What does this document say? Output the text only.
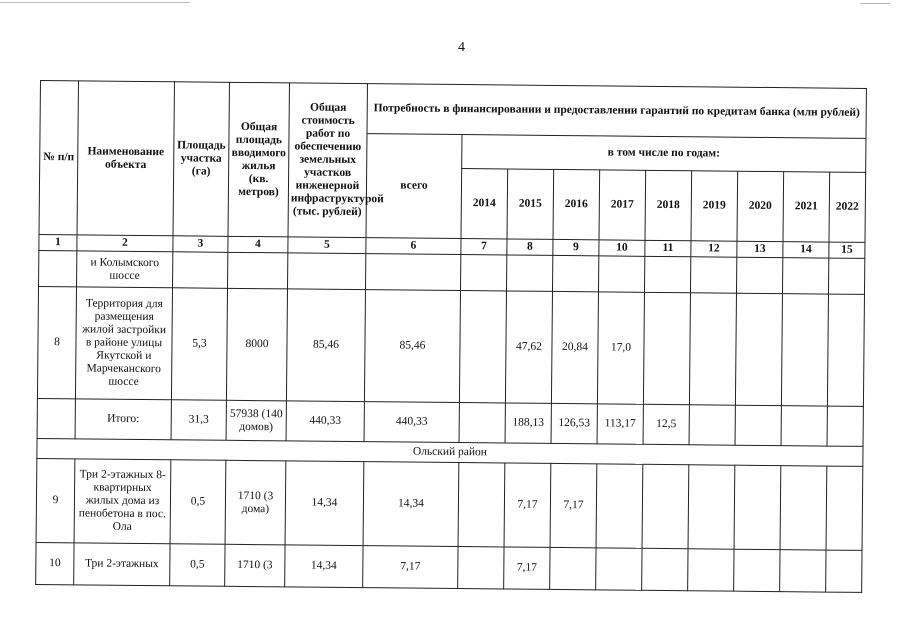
4
№ п/п	Наименование объекта	Площадь участка (га)	Общая площадь вводимого жилья (кв. метров)	Общая стоимость работ по обеспечению земельных участков инженерной инфраструктурой (тыс. рублей)	Потребность в финансировании и предоставлении гарантий по кредитам банка (млн рублей)									
					всего	в том числе по годам:								
						2014	2015	2016	2017	2018	2019	2020	2021	2022
1	2	3	4	5	6	7	8	9	10	11	12	13	14	15
	и Колымского шоссе													
8	Территория для размещения жилой застройки в районе улицы Якутской и Марчеканского шоссе	5,3	8000	85,46	85,46		47,62	20,84	17,0					
	Итого:	31,3	57938 (140 домов)	440,33	440,33		188,13	126,53	113,17	12,5				
Ольский район														
9	Три 2-этажных 8-квартирных жилых дома из пенобетона в пос. Ола	0,5	1710 (3 дома)	14,34	14,34		7,17	7,17						
10	Три 2-этажных	0,5	1710 (3	14,34	7,17		7,17							
